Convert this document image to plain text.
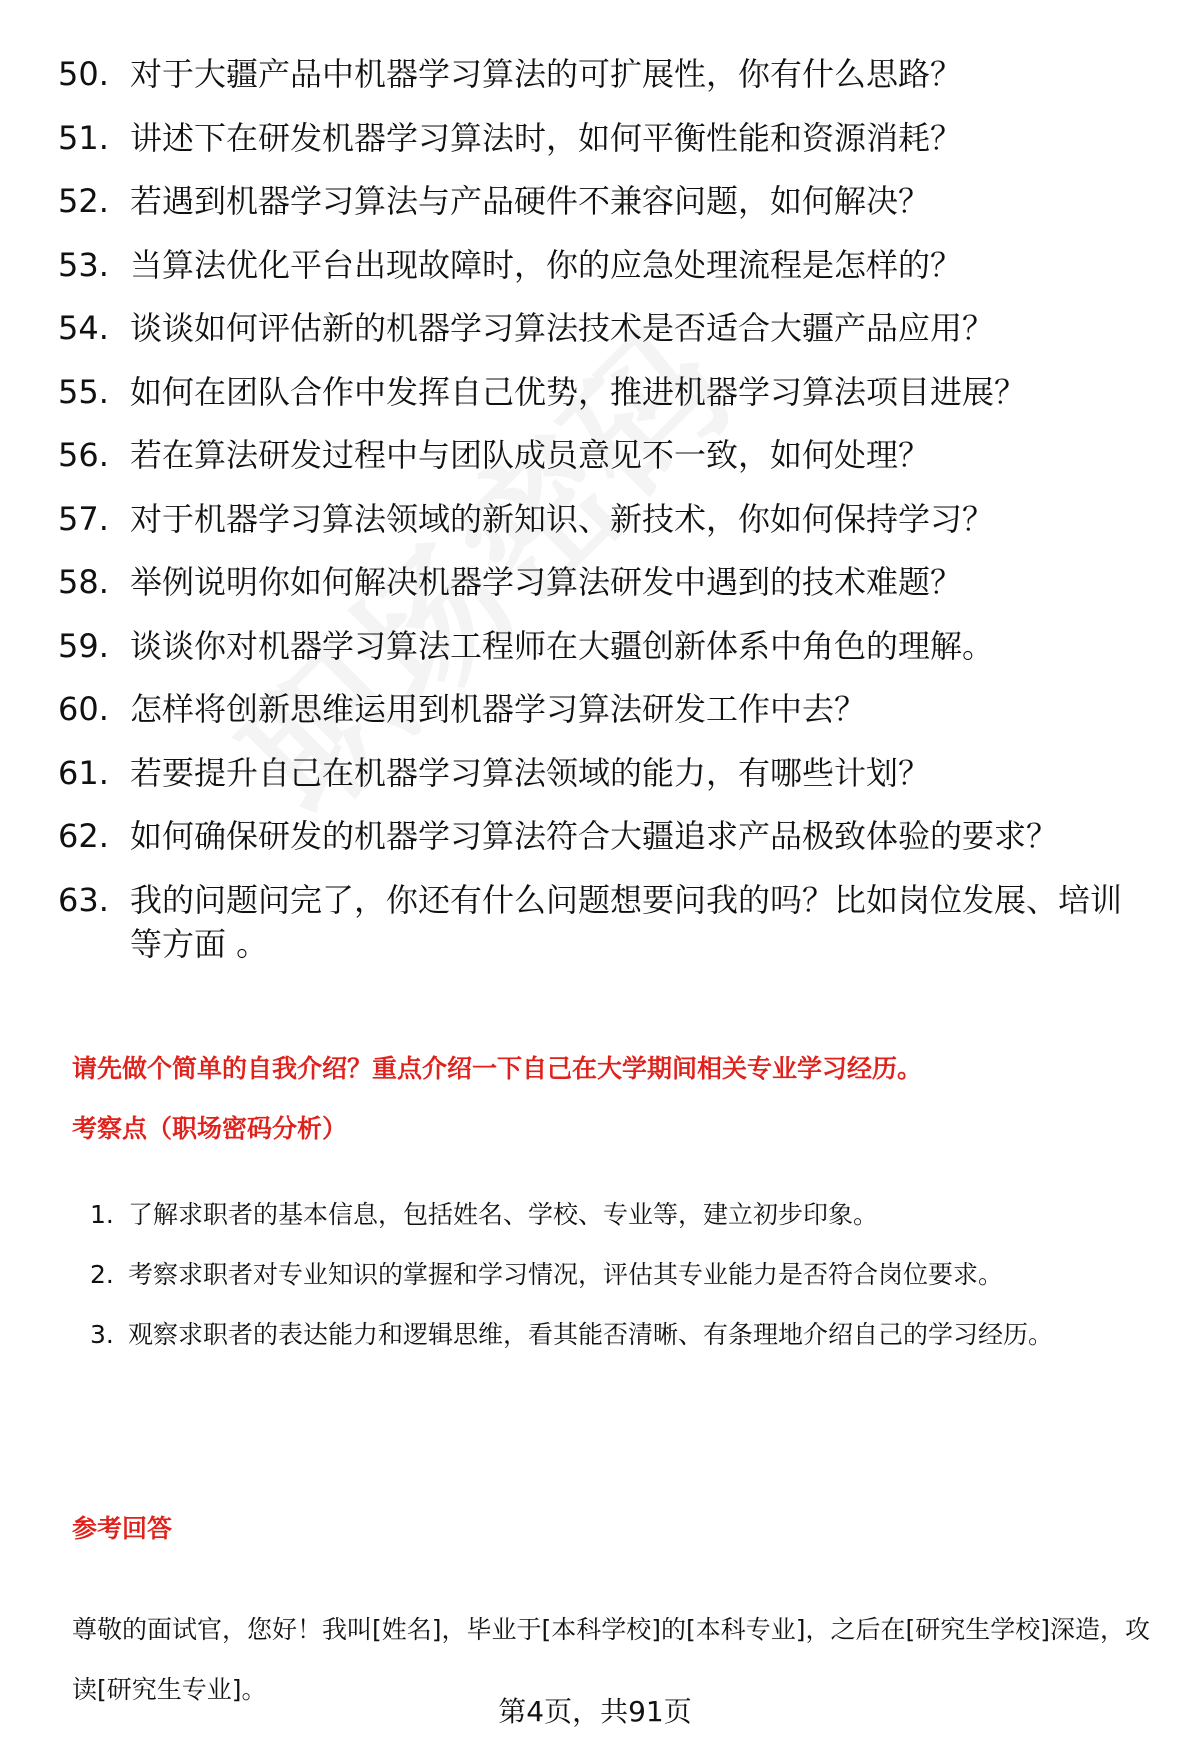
50. 对于大疆产品中机器学习算法的可扩展性，你有什么思路？
51. 讲述下在研发机器学习算法时，如何平衡性能和资源消耗？
52. 若遇到机器学习算法与产品硬件不兼容问题，如何解决？
53. 当算法优化平台出现故障时，你的应急处理流程是怎样的？
54. 谈谈如何评估新的机器学习算法技术是否适合大疆产品应用？
55. 如何在团队合作中发挥自己优势，推进机器学习算法项目进展？
56. 若在算法研发过程中与团队成员意见不一致，如何处理？
57. 对于机器学习算法领域的新知识、新技术，你如何保持学习？
58. 举例说明你如何解决机器学习算法研发中遇到的技术难题？
59. 谈谈你对机器学习算法工程师在大疆创新体系中角色的理解。
60. 怎样将创新思维运用到机器学习算法研发工作中去？
61. 若要提升自己在机器学习算法领域的能力，有哪些计划？
62. 如何确保研发的机器学习算法符合大疆追求产品极致体验的要求？
63. 我的问题问完了，你还有什么问题想要问我的吗？比如岗位发展、培训等方面 。
请先做个简单的自我介绍？重点介绍一下自己在大学期间相关专业学习经历。
考察点（职场密码分析）
1. 了解求职者的基本信息，包括姓名、学校、专业等，建立初步印象。
2. 考察求职者对专业知识的掌握和学习情况，评估其专业能力是否符合岗位要求。
3. 观察求职者的表达能力和逻辑思维，看其能否清晰、有条理地介绍自己的学习经历。
参考回答
尊敬的面试官，您好！我叫[姓名]，毕业于[本科学校]的[本科专业]，之后在[研究生学校]深造，攻读[研究生专业]。
第4页，共91页
